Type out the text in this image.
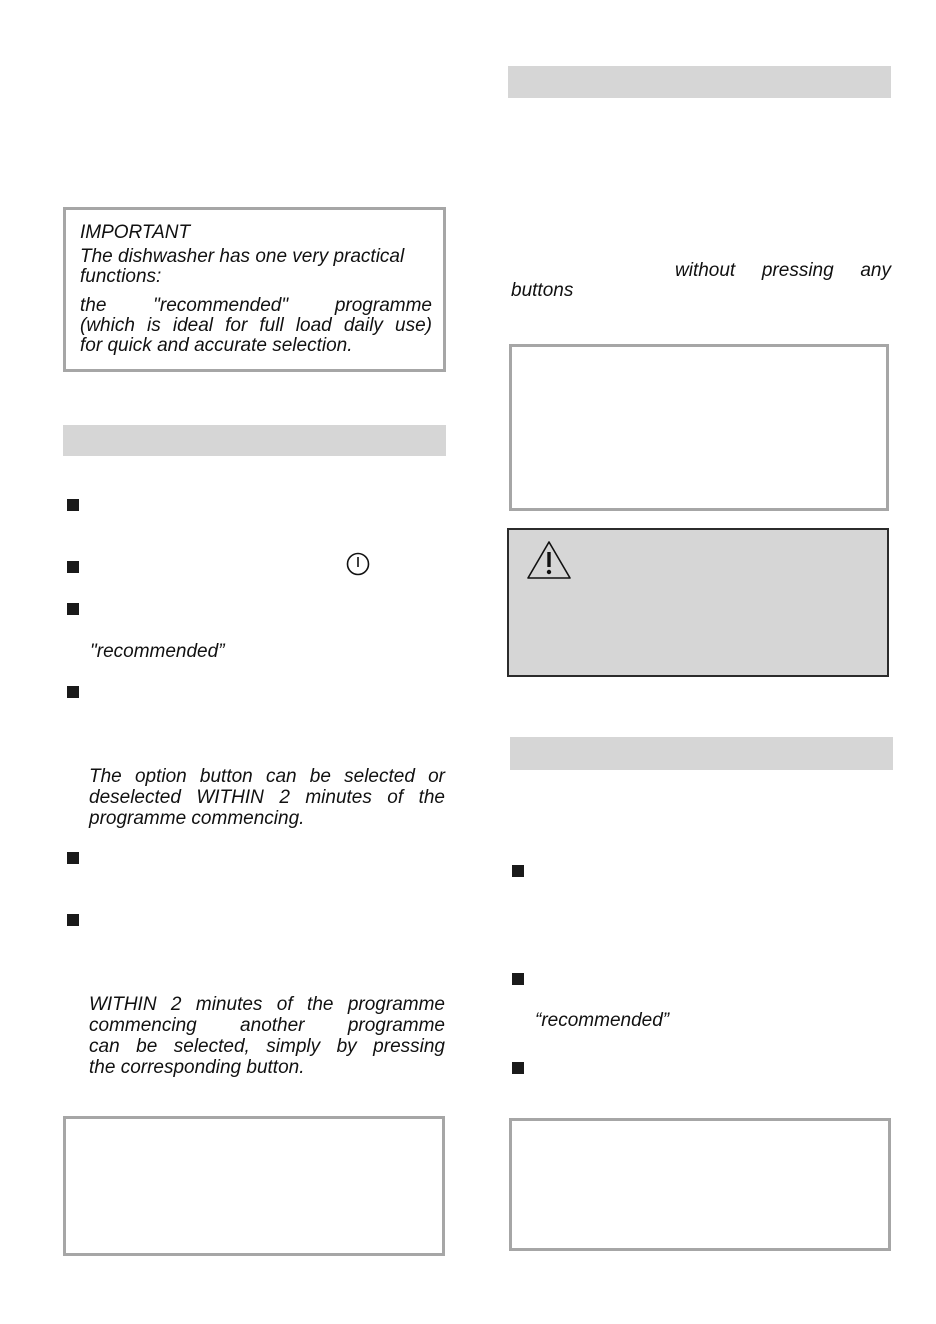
IMPORTANT
The dishwasher has one very practical
functions:
the "recommended" programme
(which is ideal for full load daily use)
for quick and accurate selection.
"recommended”
The option button can be selected or
deselected WITHIN 2 minutes of the
programme commencing.
WITHIN 2 minutes of the programme
commencing another programme
can be selected, simply by pressing
the corresponding button.
without pressing any
buttons
“recommended”
